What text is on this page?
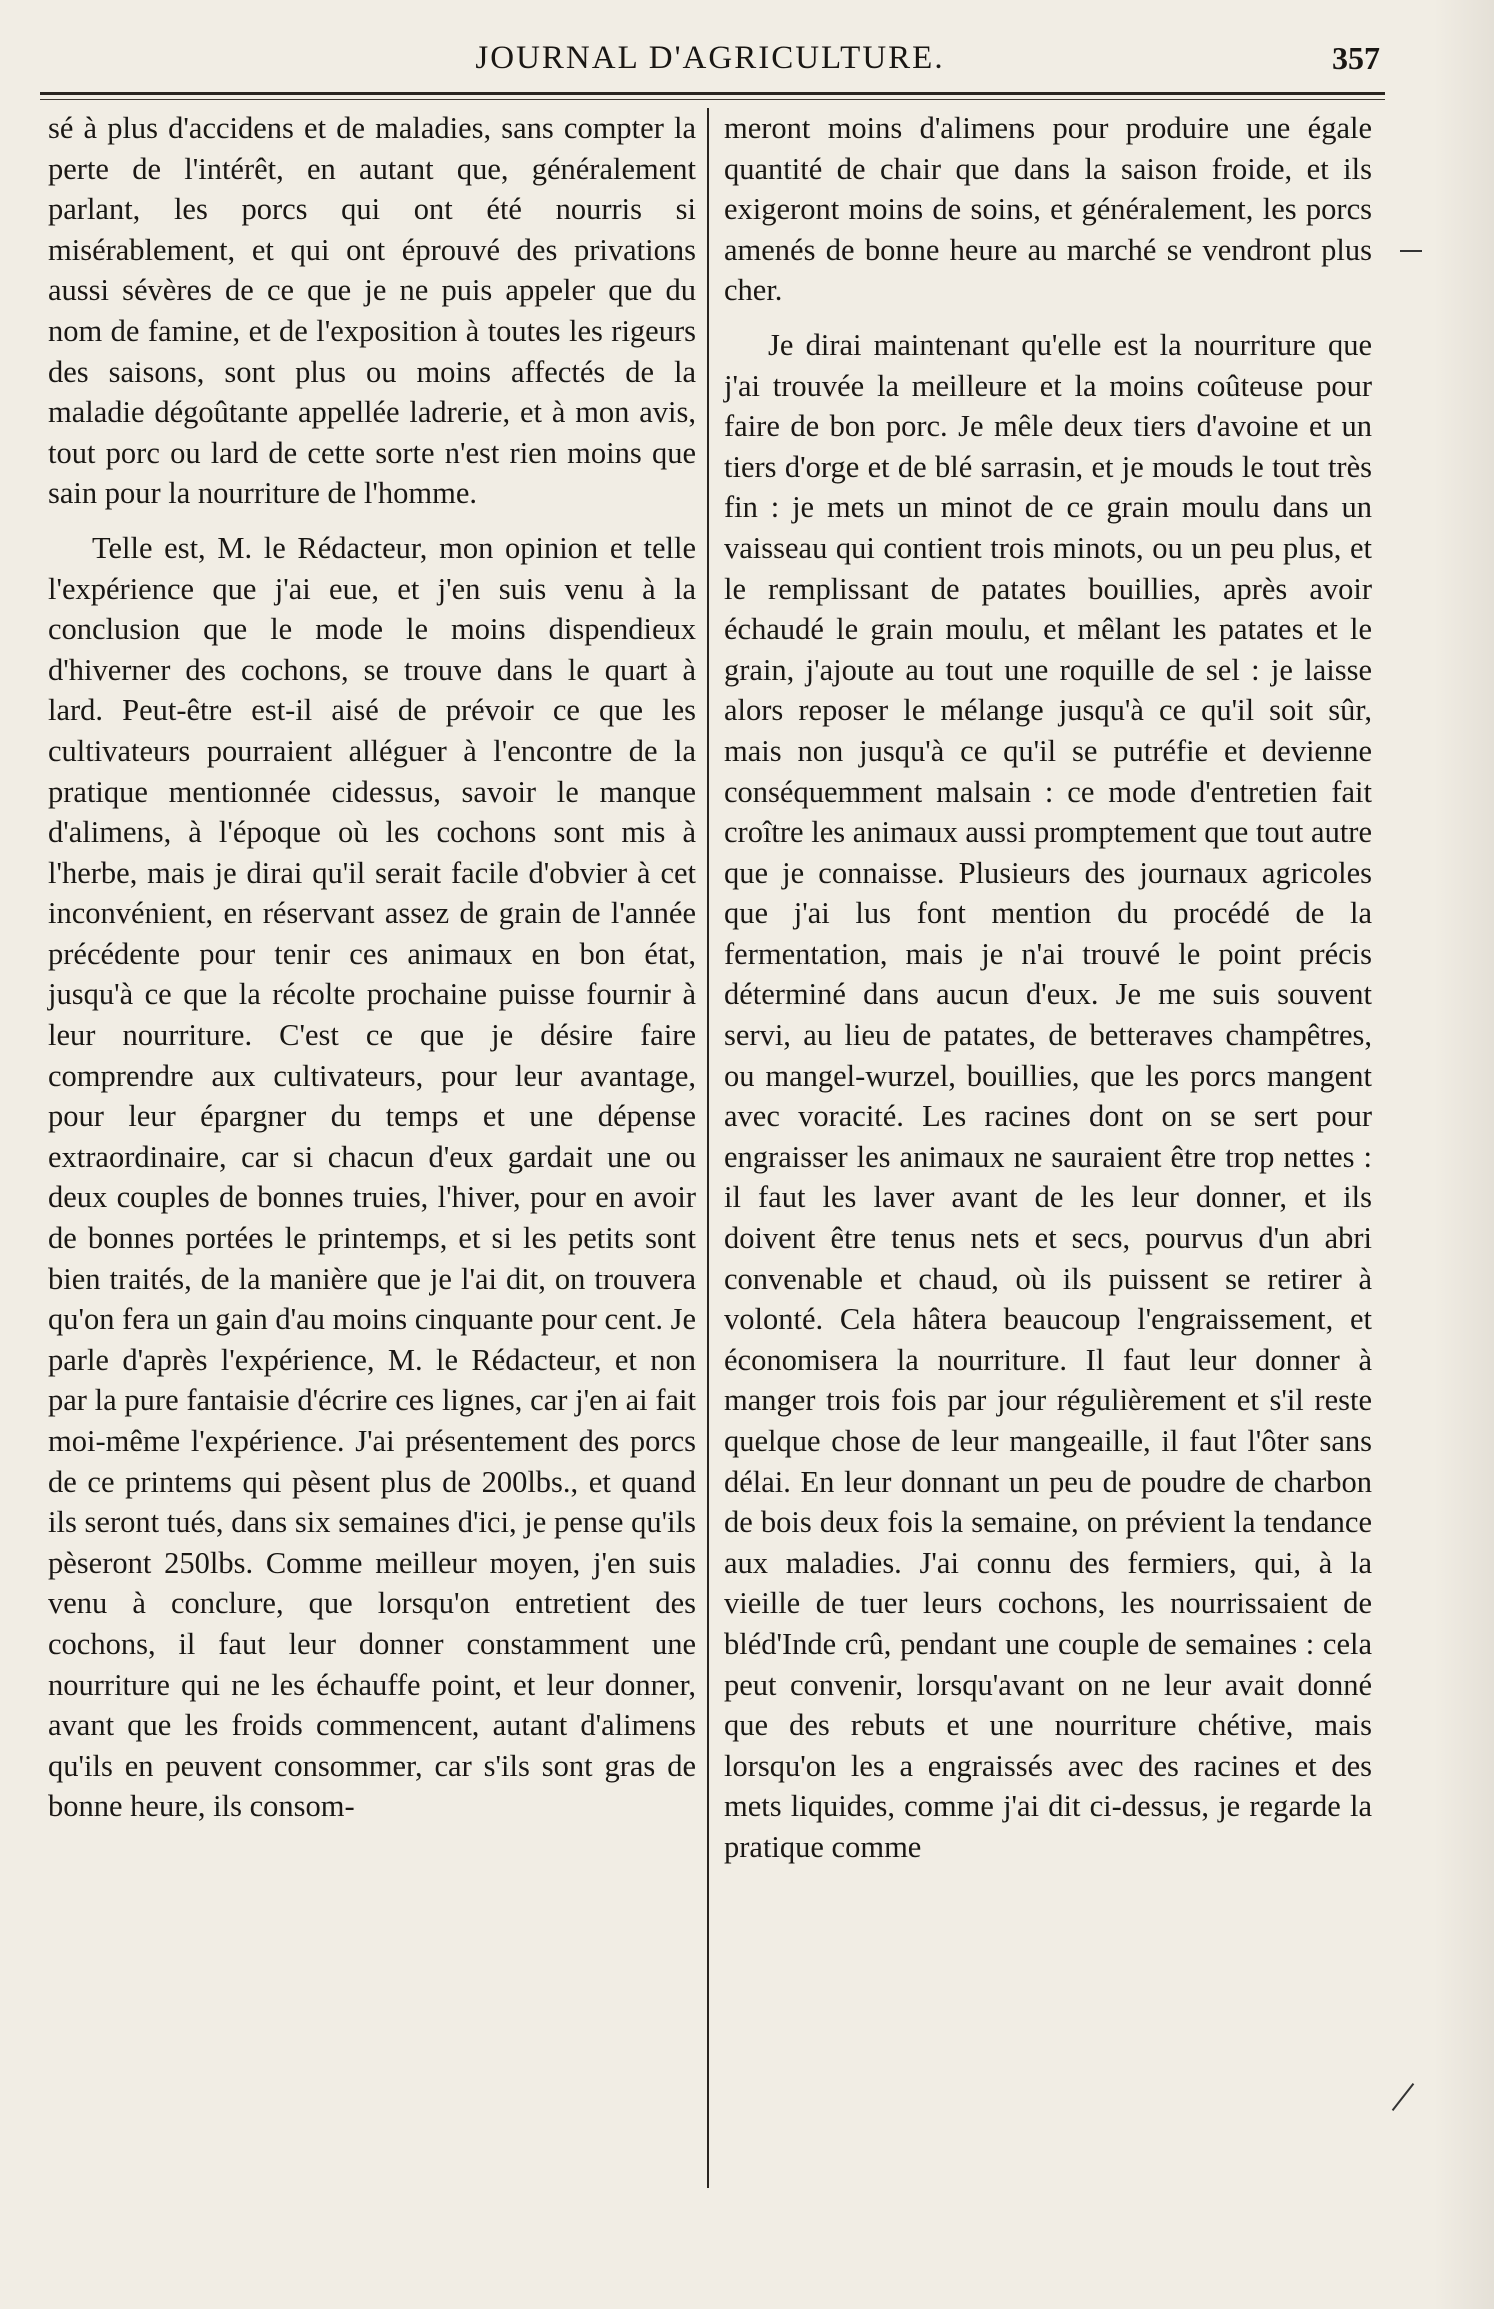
JOURNAL D'AGRICULTURE.	357

sé à plus d'accidens et de maladies, sans compter la perte de l'intérêt, en autant que, généralement parlant, les porcs qui ont été nourris si misérablement, et qui ont éprouvé des privations aussi sévères de ce que je ne puis appeler que du nom de famine, et de l'exposition à toutes les rigeurs des saisons, sont plus ou moins affectés de la maladie dégoûtante appellée ladrerie, et à mon avis, tout porc ou lard de cette sorte n'est rien moins que sain pour la nourriture de l'homme.

Telle est, M. le Rédacteur, mon opinion et telle l'expérience que j'ai eue, et j'en suis venu à la conclusion que le mode le moins dispendieux d'hiverner des cochons, se trouve dans le quart à lard. Peut-être est-il aisé de prévoir ce que les cultivateurs pourraient alléguer à l'encontre de la pratique mentionnée cidessus, savoir le manque d'alimens, à l'époque où les cochons sont mis à l'herbe, mais je dirai qu'il serait facile d'obvier à cet inconvénient, en réservant assez de grain de l'année précédente pour tenir ces animaux en bon état, jusqu'à ce que la récolte prochaine puisse fournir à leur nourriture. C'est ce que je désire faire comprendre aux cultivateurs, pour leur avantage, pour leur épargner du temps et une dépense extraordinaire, car si chacun d'eux gardait une ou deux couples de bonnes truies, l'hiver, pour en avoir de bonnes portées le printemps, et si les petits sont bien traités, de la manière que je l'ai dit, on trouvera qu'on fera un gain d'au moins cinquante pour cent. Je parle d'après l'expérience, M. le Rédacteur, et non par la pure fantaisie d'écrire ces lignes, car j'en ai fait moi-même l'expérience. J'ai présentement des porcs de ce printems qui pèsent plus de 200lbs., et quand ils seront tués, dans six semaines d'ici, je pense qu'ils pèseront 250lbs. Comme meilleur moyen, j'en suis venu à conclure, que lorsqu'on entretient des cochons, il faut leur donner constamment une nourriture qui ne les échauffe point, et leur donner, avant que les froids commencent, autant d'alimens qu'ils en peuvent consommer, car s'ils sont gras de bonne heure, ils consom-

meront moins d'alimens pour produire une égale quantité de chair que dans la saison froide, et ils exigeront moins de soins, et généralement, les porcs amenés de bonne heure au marché se vendront plus cher.

Je dirai maintenant qu'elle est la nourriture que j'ai trouvée la meilleure et la moins coûteuse pour faire de bon porc. Je mêle deux tiers d'avoine et un tiers d'orge et de blé sarrasin, et je mouds le tout très fin : je mets un minot de ce grain moulu dans un vaisseau qui contient trois minots, ou un peu plus, et le remplissant de patates bouillies, après avoir échaudé le grain moulu, et mêlant les patates et le grain, j'ajoute au tout une roquille de sel : je laisse alors reposer le mélange jusqu'à ce qu'il soit sûr, mais non jusqu'à ce qu'il se putréfie et devienne conséquemment malsain : ce mode d'entretien fait croître les animaux aussi promptement que tout autre que je connaisse. Plusieurs des journaux agricoles que j'ai lus font mention du procédé de la fermentation, mais je n'ai trouvé le point précis déterminé dans aucun d'eux. Je me suis souvent servi, au lieu de patates, de betteraves champêtres, ou mangel-wurzel, bouillies, que les porcs mangent avec voracité. Les racines dont on se sert pour engraisser les animaux ne sauraient être trop nettes : il faut les laver avant de les leur donner, et ils doivent être tenus nets et secs, pourvus d'un abri convenable et chaud, où ils puissent se retirer à volonté. Cela hâtera beaucoup l'engraissement, et économisera la nourriture. Il faut leur donner à manger trois fois par jour régulièrement et s'il reste quelque chose de leur mangeaille, il faut l'ôter sans délai. En leur donnant un peu de poudre de charbon de bois deux fois la semaine, on prévient la tendance aux maladies. J'ai connu des fermiers, qui, à la vieille de tuer leurs cochons, les nourrissaient de bléd'Inde crû, pendant une couple de semaines : cela peut convenir, lorsqu'avant on ne leur avait donné que des rebuts et une nourriture chétive, mais lorsqu'on les a engraissés avec des racines et des mets liquides, comme j'ai dit ci-dessus, je regarde la pratique comme
